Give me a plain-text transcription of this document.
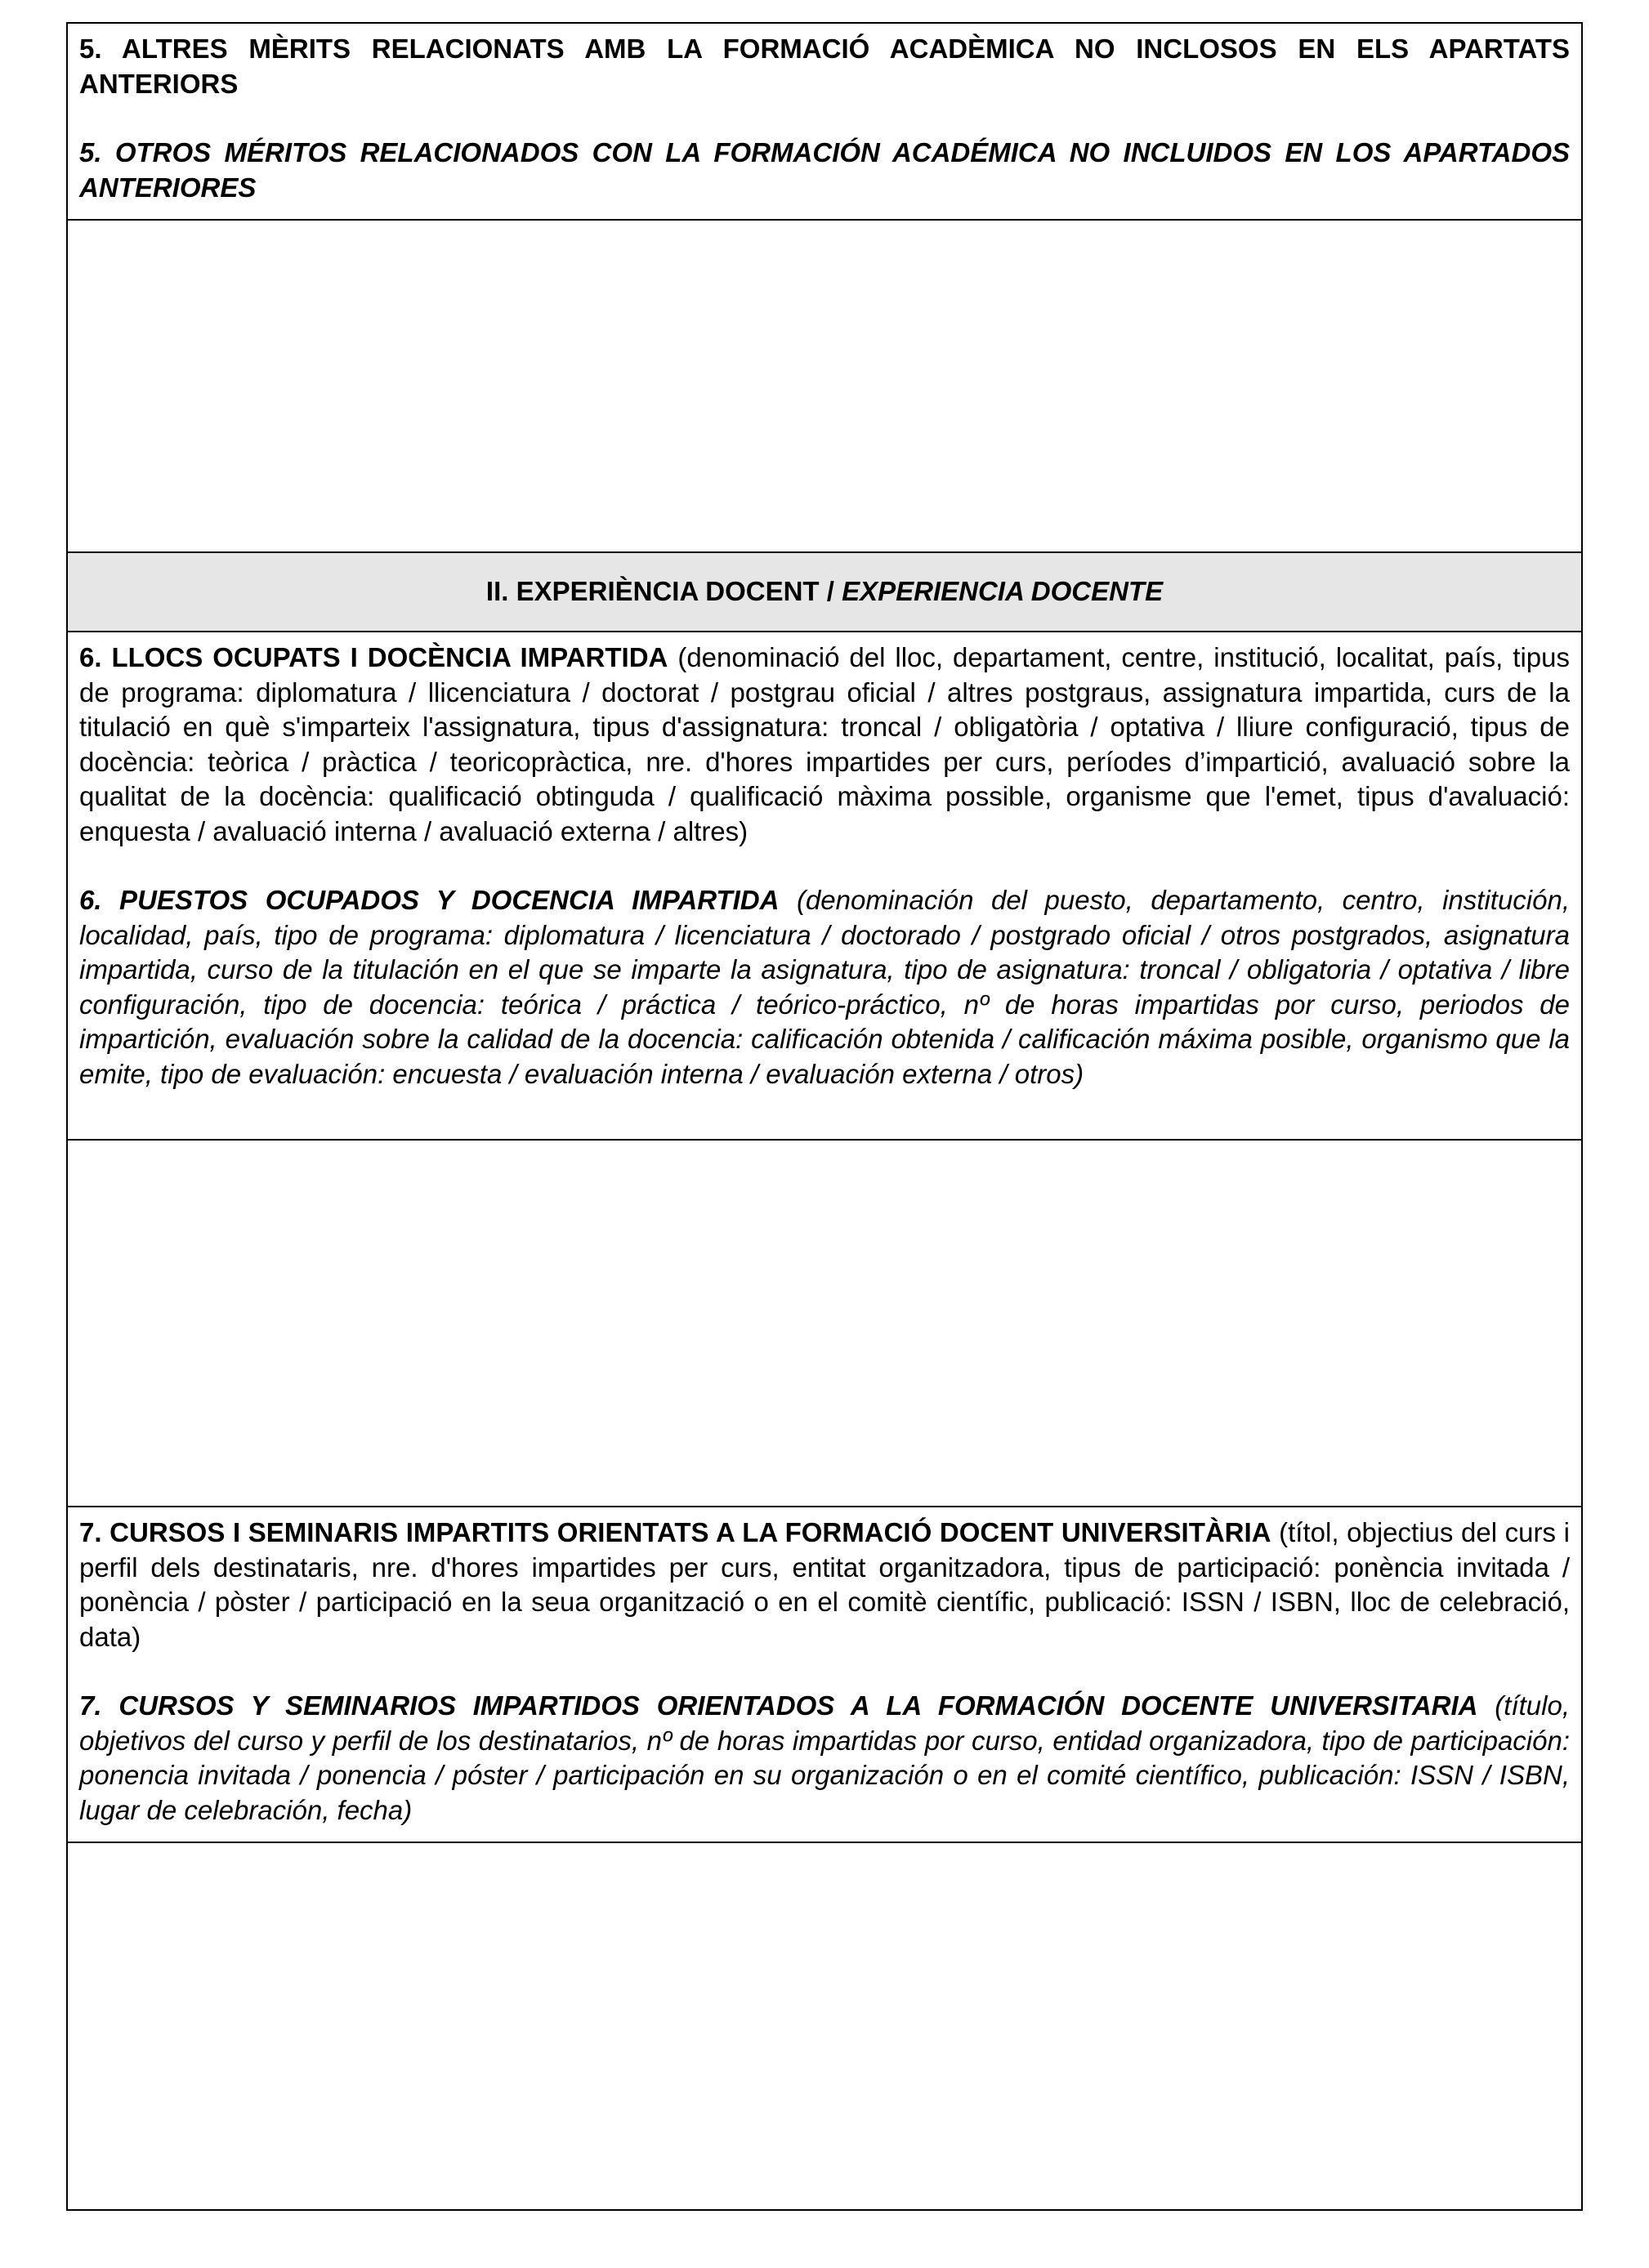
5. ALTRES MÈRITS RELACIONATS AMB LA FORMACIÓ ACADÈMICA NO INCLOSOS EN ELS APARTATS ANTERIORS
5. OTROS MÉRITOS RELACIONADOS CON LA FORMACIÓN ACADÉMICA NO INCLUIDOS EN LOS APARTADOS ANTERIORES
II. EXPERIÈNCIA DOCENT / EXPERIENCIA DOCENTE
6. LLOCS OCUPATS I DOCÈNCIA IMPARTIDA (denominació del lloc, departament, centre, institució, localitat, país, tipus de programa: diplomatura / llicenciatura / doctorat / postgrau oficial / altres postgraus, assignatura impartida, curs de la titulació en què s'imparteix l'assignatura, tipus d'assignatura: troncal / obligatòria / optativa / lliure configuració, tipus de docència: teòrica / pràctica / teoricopràctica, nre. d'hores impartides per curs, períodes d’impartició, avaluació sobre la qualitat de la docència: qualificació obtinguda / qualificació màxima possible, organisme que l'emet, tipus d'avaluació: enquesta / avaluació interna / avaluació externa / altres)
6. PUESTOS OCUPADOS Y DOCENCIA IMPARTIDA (denominación del puesto, departamento, centro, institución, localidad, país, tipo de programa: diplomatura / licenciatura / doctorado / postgrado oficial / otros postgrados, asignatura impartida, curso de la titulación en el que se imparte la asignatura, tipo de asignatura: troncal / obligatoria / optativa / libre configuración, tipo de docencia: teórica / práctica / teórico-práctico, nº de horas impartidas por curso, periodos de impartición, evaluación sobre la calidad de la docencia: calificación obtenida / calificación máxima posible, organismo que la emite, tipo de evaluación: encuesta / evaluación interna / evaluación externa / otros)
7. CURSOS I SEMINARIS IMPARTITS ORIENTATS A LA FORMACIÓ DOCENT UNIVERSITÀRIA (títol, objectius del curs i perfil dels destinataris, nre. d'hores impartides per curs, entitat organitzadora, tipus de participació: ponència invitada / ponència / pòster / participació en la seua organització o en el comitè científic, publicació: ISSN / ISBN, lloc de celebració, data)
7. CURSOS Y SEMINARIOS IMPARTIDOS ORIENTADOS A LA FORMACIÓN DOCENTE UNIVERSITARIA (título, objetivos del curso y perfil de los destinatarios, nº de horas impartidas por curso, entidad organizadora, tipo de participación: ponencia invitada / ponencia / póster / participación en su organización o en el comité científico, publicación: ISSN / ISBN, lugar de celebración, fecha)
